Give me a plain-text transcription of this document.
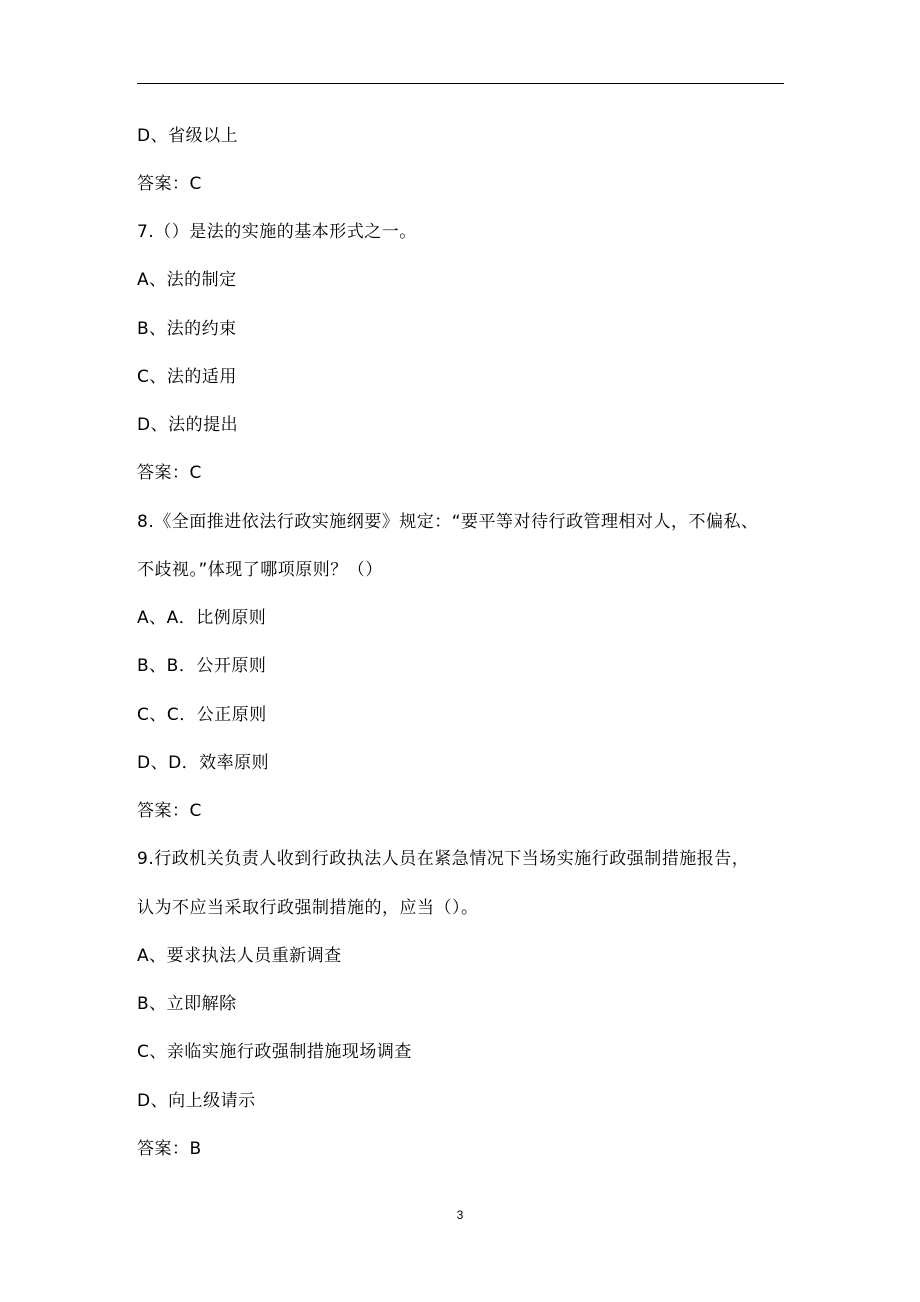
D、省级以上
答案：C
7.（）是法的实施的基本形式之一。
A、法的制定
B、法的约束
C、法的适用
D、法的提出
答案：C
8.《全面推进依法行政实施纲要》规定：“要平等对待行政管理相对人，不偏私、
不歧视。”体现了哪项原则？（）
A、A．比例原则
B、B．公开原则
C、C．公正原则
D、D．效率原则
答案：C
9.行政机关负责人收到行政执法人员在紧急情况下当场实施行政强制措施报告，
认为不应当采取行政强制措施的，应当（）。
A、要求执法人员重新调查
B、立即解除
C、亲临实施行政强制措施现场调查
D、向上级请示
答案：B
3
